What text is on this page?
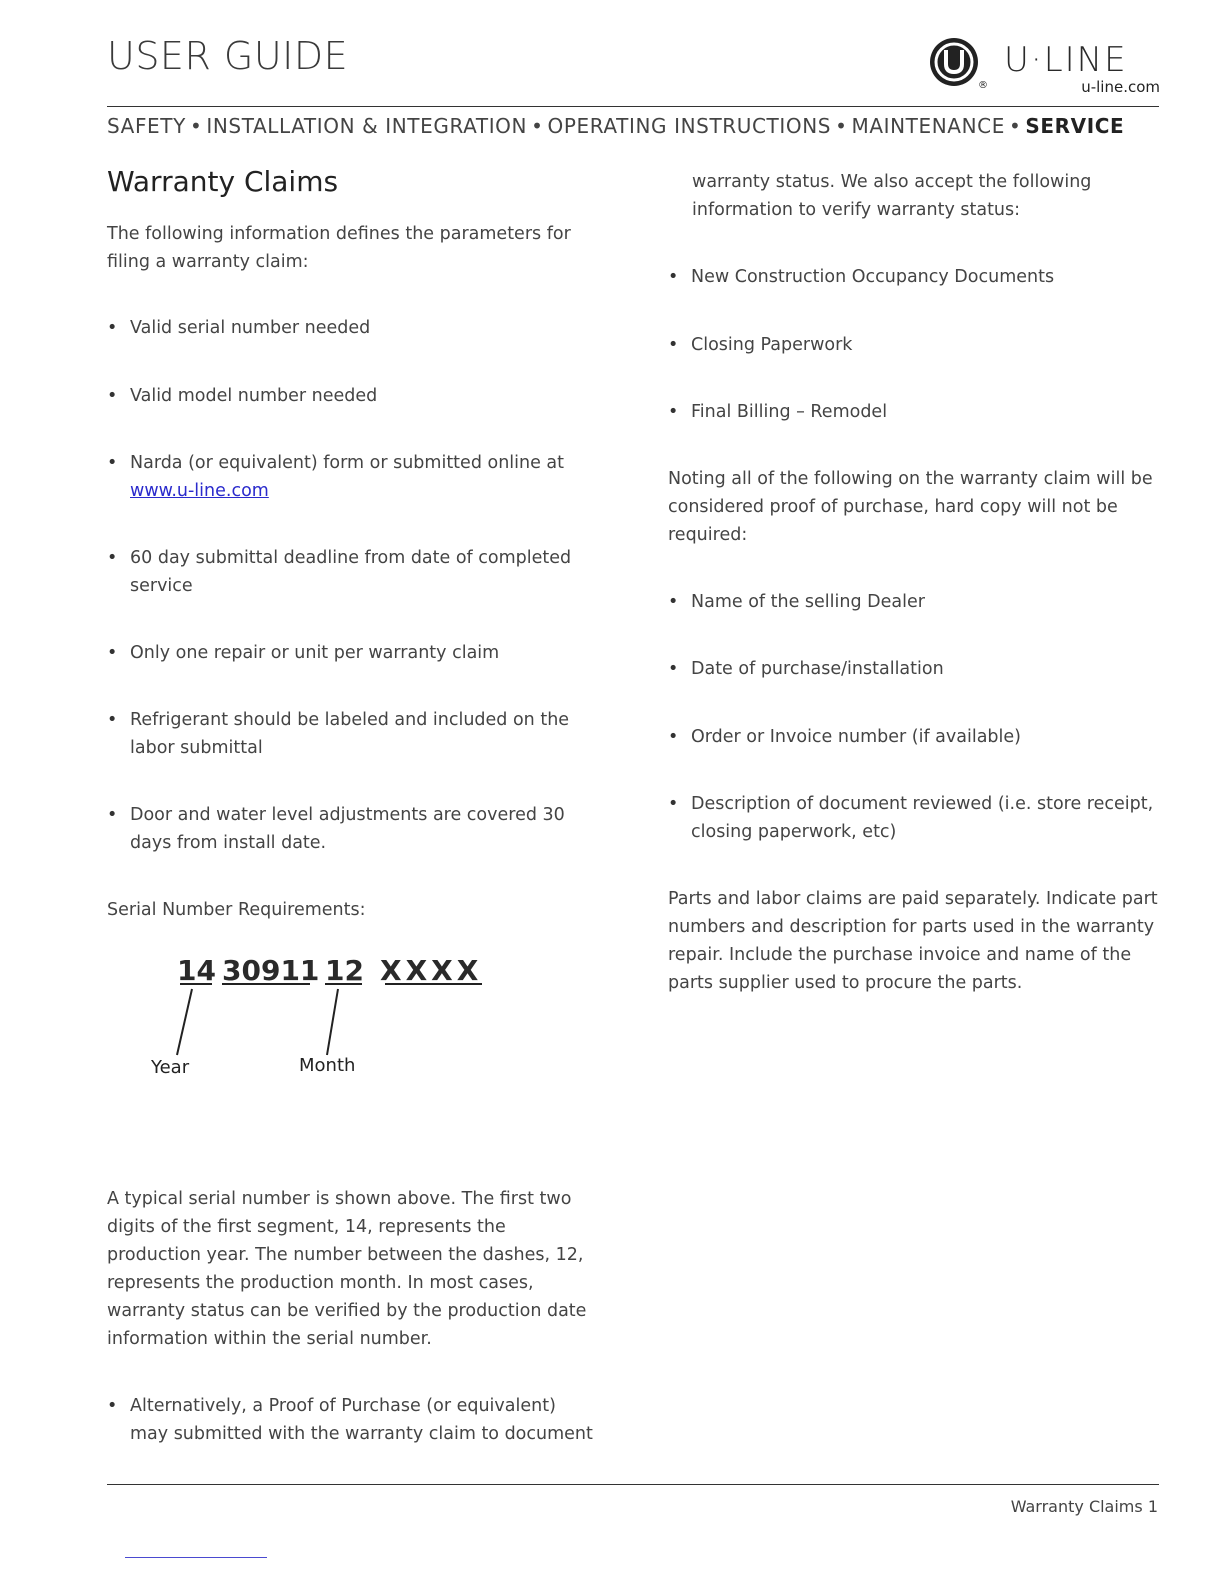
USER GUIDE
®
U·LINE
u-line.com
SAFETY • INSTALLATION & INTEGRATION • OPERATING INSTRUCTIONS • MAINTENANCE • SERVICE
Warranty Claims

The following information defines the parameters for filing a warranty claim:

• Valid serial number needed
• Valid model number needed
• Narda (or equivalent) form or submitted online at
www.u-line.com
• 60 day submittal deadline from date of completed service
• Only one repair or unit per warranty claim
• Refrigerant should be labeled and included on the labor submittal
• Door and water level adjustments are covered 30 days from install date.

Serial Number Requirements:

14 30911 12 XXXX
Year	Month

A typical serial number is shown above. The first two digits of the first segment, 14, represents the production year. The number between the dashes, 12, represents the production month. In most cases, warranty status can be verified by the production date information within the serial number.

• Alternatively, a Proof of Purchase (or equivalent) may submitted with the warranty claim to document

warranty status. We also accept the following information to verify warranty status:

• New Construction Occupancy Documents
• Closing Paperwork
• Final Billing – Remodel

Noting all of the following on the warranty claim will be considered proof of purchase, hard copy will not be required:

• Name of the selling Dealer
• Date of purchase/installation
• Order or Invoice number (if available)
• Description of document reviewed (i.e. store receipt, closing paperwork, etc)

Parts and labor claims are paid separately. Indicate part numbers and description for parts used in the warranty repair. Include the purchase invoice and name of the parts supplier used to procure the parts.

Warranty Claims 1
